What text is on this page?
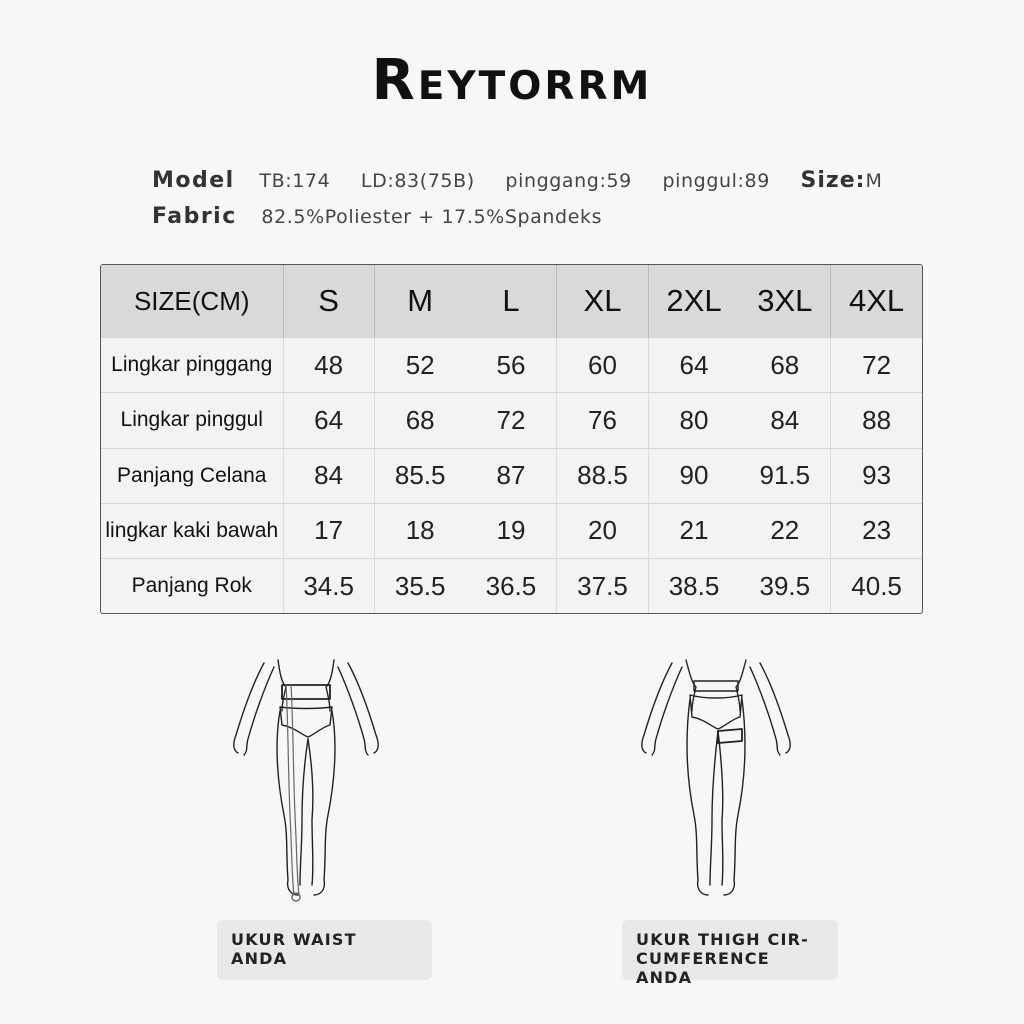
Reytorrm
Model TB:174 LD:83(75B) pinggang:59 pinggul:89 Size:M
Fabric 82.5%Poliester + 17.5%Spandeks
SIZE(CM)	S	M	L	XL	2XL	3XL	4XL
Lingkar pinggang	48	52	56	60	64	68	72
Lingkar pinggul	64	68	72	76	80	84	88
Panjang Celana	84	85.5	87	88.5	90	91.5	93
lingkar kaki bawah	17	18	19	20	21	22	23
Panjang Rok	34.5	35.5	36.5	37.5	38.5	39.5	40.5
UKUR WAIST
ANDA
UKUR THIGH CIR-
CUMFERENCE ANDA
